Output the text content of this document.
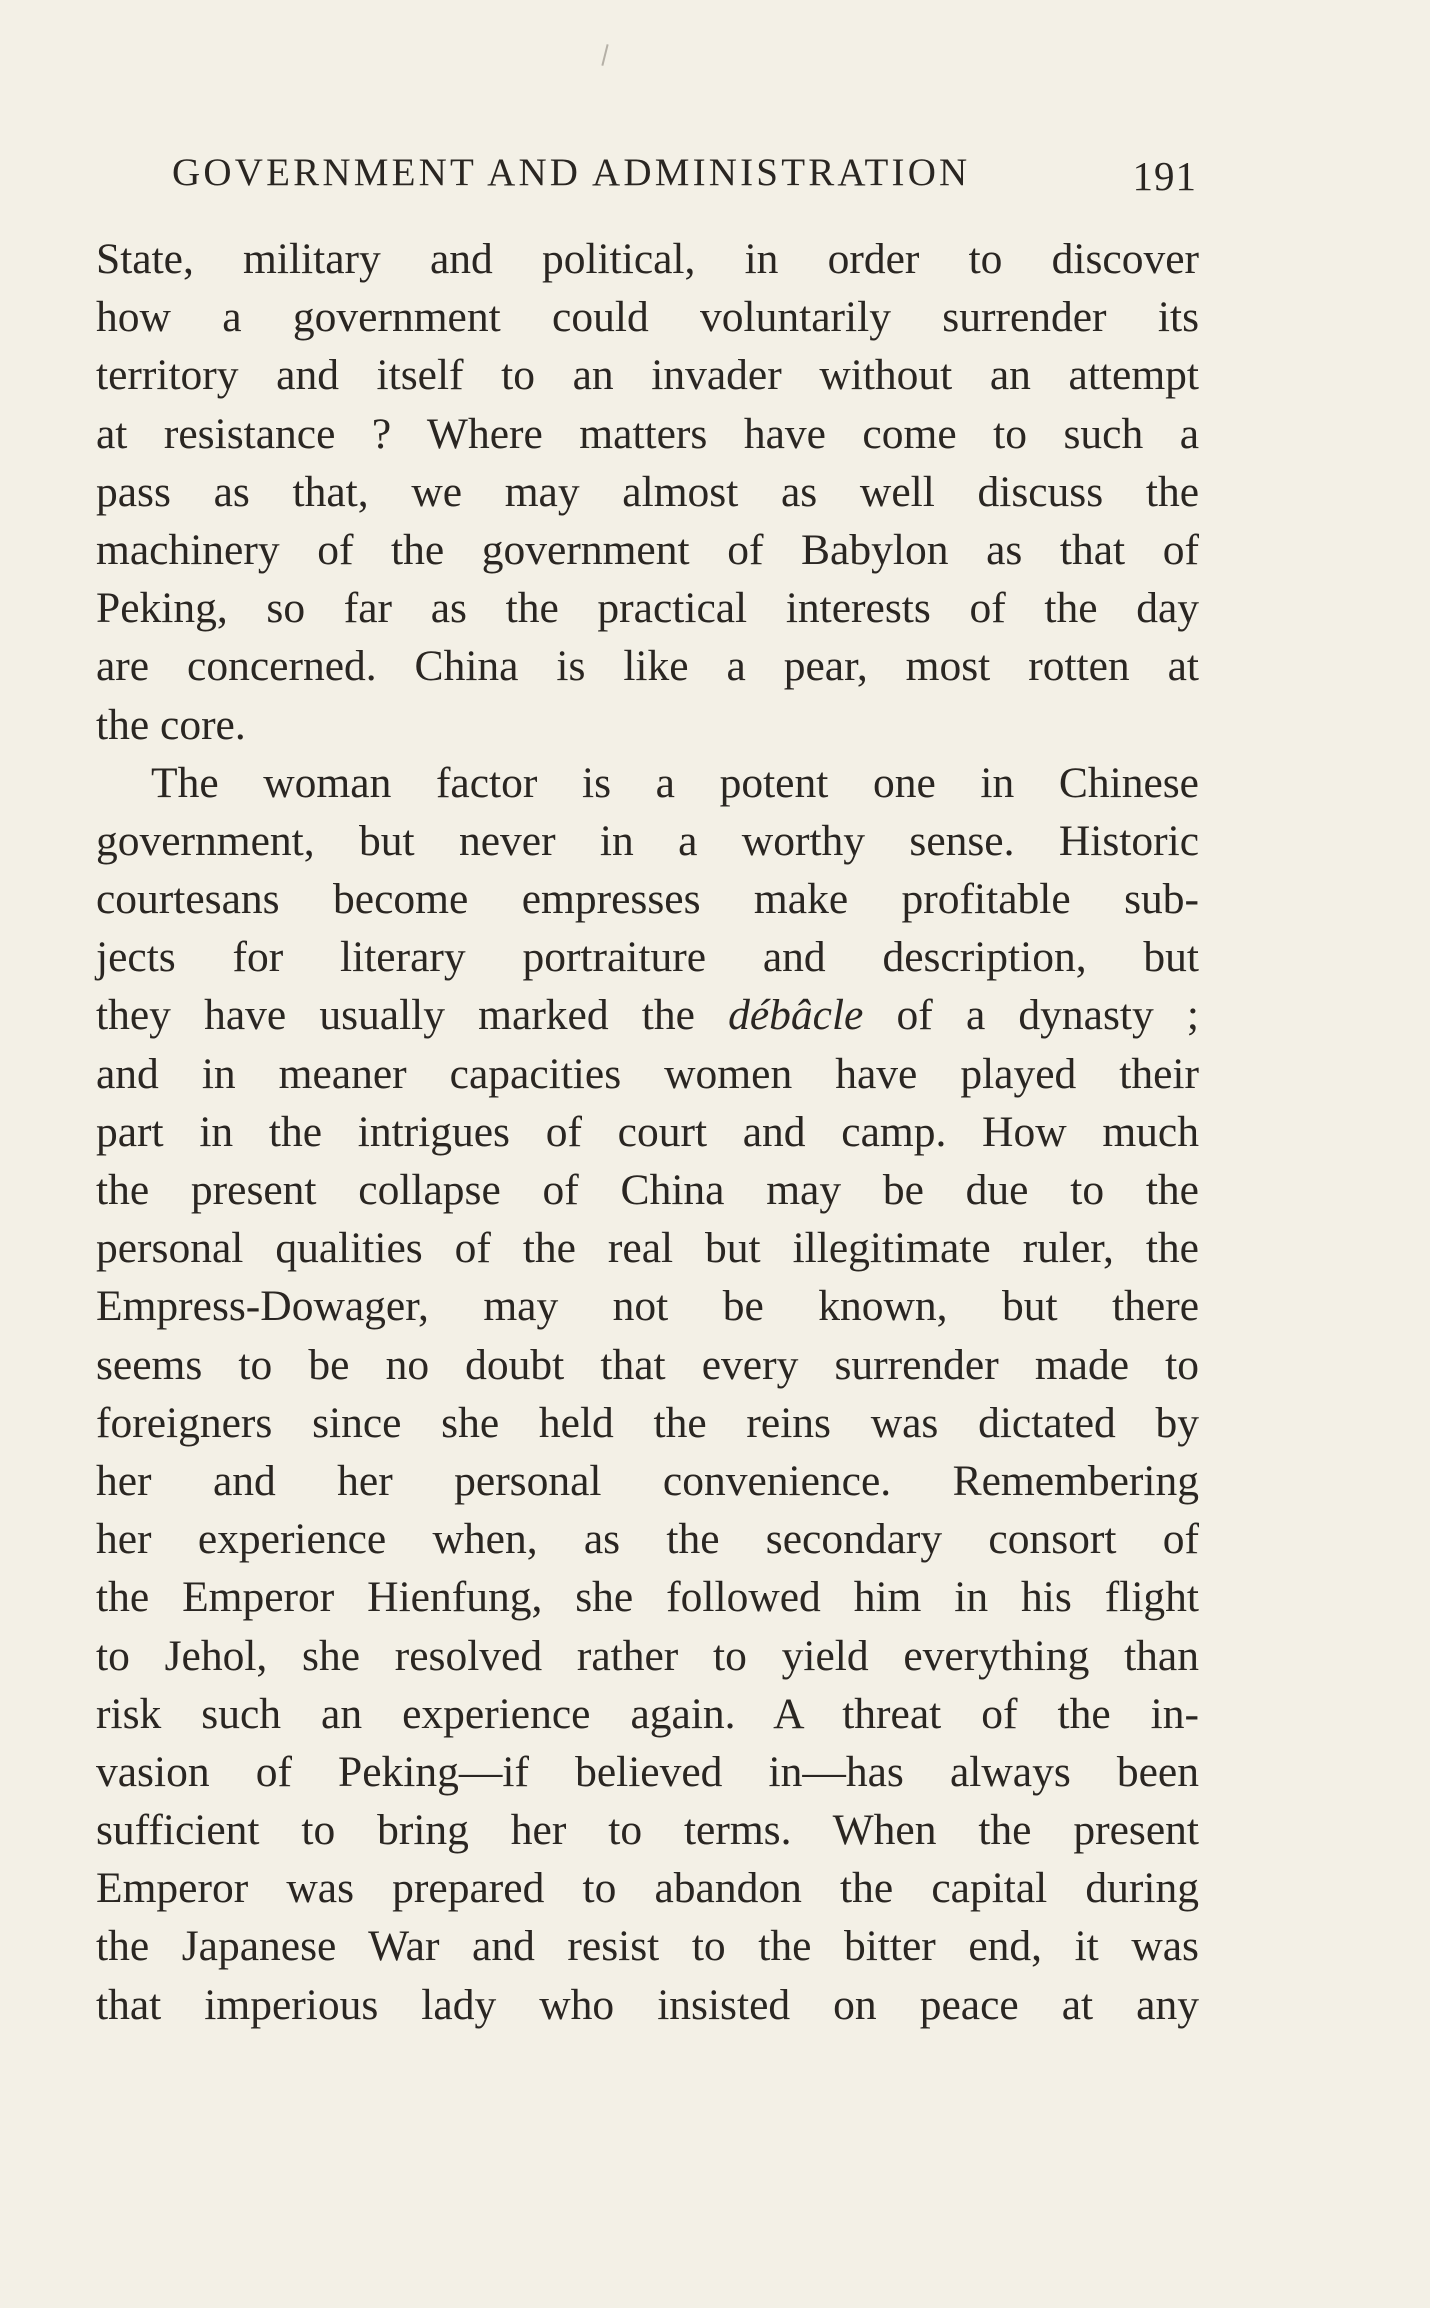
GOVERNMENT AND ADMINISTRATION	191
State, military and political, in order to discover
how a government could voluntarily surrender its
territory and itself to an invader without an attempt
at resistance ? Where matters have come to such a
pass as that, we may almost as well discuss the
machinery of the government of Babylon as that of
Peking, so far as the practical interests of the day
are concerned. China is like a pear, most rotten at
the core.
The woman factor is a potent one in Chinese
government, but never in a worthy sense. Historic
courtesans become empresses make profitable sub-
jects for literary portraiture and description, but
they have usually marked the débâcle of a dynasty ;
and in meaner capacities women have played their
part in the intrigues of court and camp. How much
the present collapse of China may be due to the
personal qualities of the real but illegitimate ruler, the
Empress-Dowager, may not be known, but there
seems to be no doubt that every surrender made to
foreigners since she held the reins was dictated by
her and her personal convenience. Remembering
her experience when, as the secondary consort of
the Emperor Hienfung, she followed him in his flight
to Jehol, she resolved rather to yield everything than
risk such an experience again. A threat of the in-
vasion of Peking—if believed in—has always been
sufficient to bring her to terms. When the present
Emperor was prepared to abandon the capital during
the Japanese War and resist to the bitter end, it was
that imperious lady who insisted on peace at any
